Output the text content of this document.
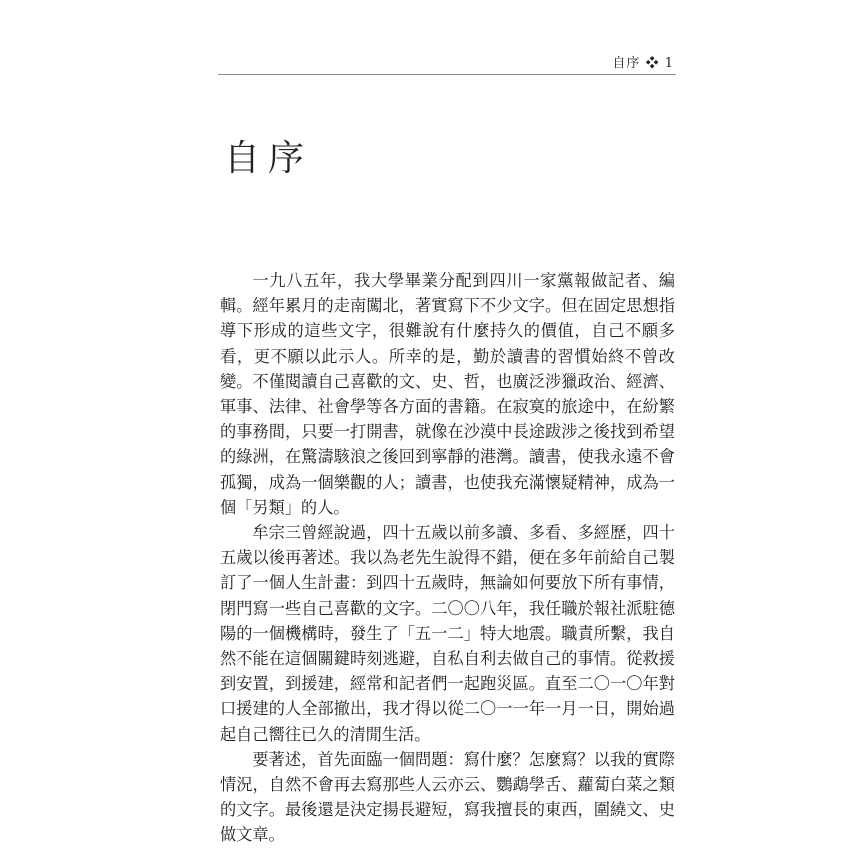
自序 ❖ 1
自序

一九八五年，我大學畢業分配到四川一家黨報做記者、編輯。經年累月的走南闖北，著實寫下不少文字。但在固定思想指導下形成的這些文字，很難說有什麼持久的價值，自己不願多看，更不願以此示人。所幸的是，勤於讀書的習慣始終不曾改變。不僅閱讀自己喜歡的文、史、哲，也廣泛涉獵政治、經濟、軍事、法律、社會學等各方面的書籍。在寂寞的旅途中，在紛繁的事務間，只要一打開書，就像在沙漠中長途跋涉之後找到希望的綠洲，在驚濤駭浪之後回到寧靜的港灣。讀書，使我永遠不會孤獨，成為一個樂觀的人；讀書，也使我充滿懷疑精神，成為一個「另類」的人。

牟宗三曾經說過，四十五歲以前多讀、多看、多經歷，四十五歲以後再著述。我以為老先生說得不錯，便在多年前給自己製訂了一個人生計畫：到四十五歲時，無論如何要放下所有事情，閉門寫一些自己喜歡的文字。二〇〇八年，我任職於報社派駐德陽的一個機構時，發生了「五一二」特大地震。職責所繫，我自然不能在這個關鍵時刻逃避，自私自利去做自己的事情。從救援到安置，到援建，經常和記者們一起跑災區。直至二〇一〇年對口援建的人全部撤出，我才得以從二〇一一年一月一日，開始過起自己嚮往已久的清閒生活。

要著述，首先面臨一個問題：寫什麼？怎麼寫？以我的實際情況，自然不會再去寫那些人云亦云、鸚鵡學舌、蘿蔔白菜之類的文字。最後還是決定揚長避短，寫我擅長的東西，圍繞文、史做文章。
